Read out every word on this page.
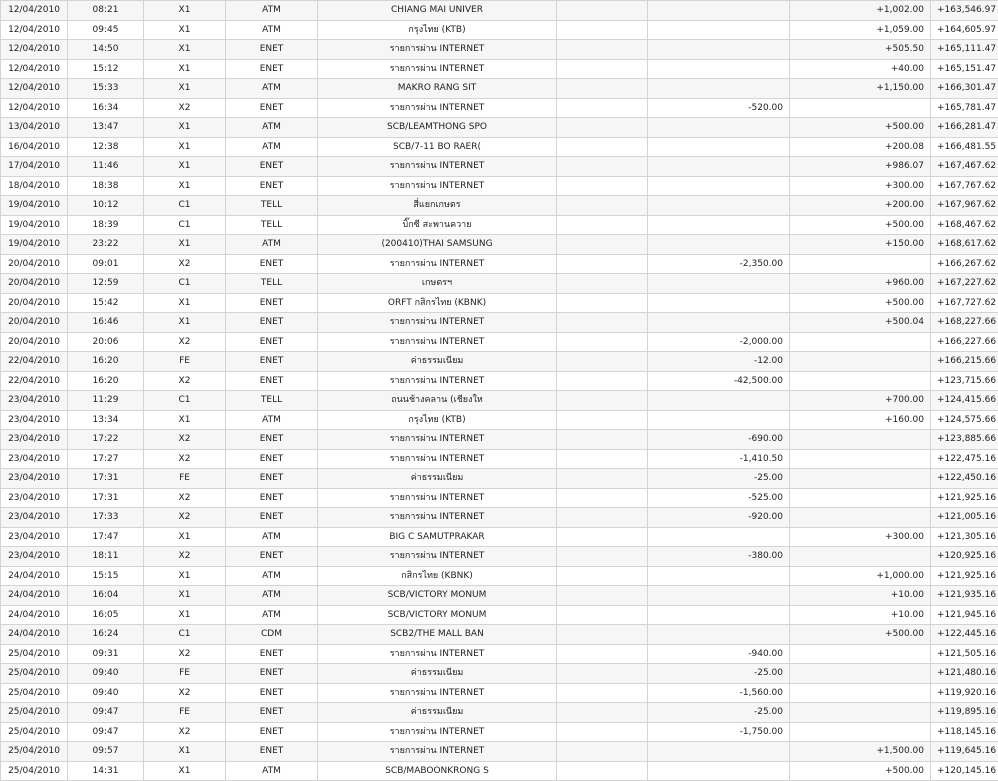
12/04/2010	08:21	X1	ATM	CHIANG MAI UNIVER			+1,002.00	+163,546.97
12/04/2010	09:45	X1	ATM	กรุงไทย (KTB)			+1,059.00	+164,605.97
12/04/2010	14:50	X1	ENET	รายการผ่าน INTERNET			+505.50	+165,111.47
12/04/2010	15:12	X1	ENET	รายการผ่าน INTERNET			+40.00	+165,151.47
12/04/2010	15:33	X1	ATM	MAKRO RANG SIT			+1,150.00	+166,301.47
12/04/2010	16:34	X2	ENET	รายการผ่าน INTERNET		-520.00		+165,781.47
13/04/2010	13:47	X1	ATM	SCB/LEAMTHONG SPO			+500.00	+166,281.47
16/04/2010	12:38	X1	ATM	SCB/7-11 BO RAER(			+200.08	+166,481.55
17/04/2010	11:46	X1	ENET	รายการผ่าน INTERNET			+986.07	+167,467.62
18/04/2010	18:38	X1	ENET	รายการผ่าน INTERNET			+300.00	+167,767.62
19/04/2010	10:12	C1	TELL	สี่แยกเกษตร			+200.00	+167,967.62
19/04/2010	18:39	C1	TELL	บิ๊กซี สะพานควาย			+500.00	+168,467.62
19/04/2010	23:22	X1	ATM	(200410)THAI SAMSUNG			+150.00	+168,617.62
20/04/2010	09:01	X2	ENET	รายการผ่าน INTERNET		-2,350.00		+166,267.62
20/04/2010	12:59	C1	TELL	เกษตรฯ			+960.00	+167,227.62
20/04/2010	15:42	X1	ENET	ORFT กสิกรไทย (KBNK)			+500.00	+167,727.62
20/04/2010	16:46	X1	ENET	รายการผ่าน INTERNET			+500.04	+168,227.66
20/04/2010	20:06	X2	ENET	รายการผ่าน INTERNET		-2,000.00		+166,227.66
22/04/2010	16:20	FE	ENET	ค่าธรรมเนียม		-12.00		+166,215.66
22/04/2010	16:20	X2	ENET	รายการผ่าน INTERNET		-42,500.00		+123,715.66
23/04/2010	11:29	C1	TELL	ถนนช้างคลาน (เชียงให			+700.00	+124,415.66
23/04/2010	13:34	X1	ATM	กรุงไทย (KTB)			+160.00	+124,575.66
23/04/2010	17:22	X2	ENET	รายการผ่าน INTERNET		-690.00		+123,885.66
23/04/2010	17:27	X2	ENET	รายการผ่าน INTERNET		-1,410.50		+122,475.16
23/04/2010	17:31	FE	ENET	ค่าธรรมเนียม		-25.00		+122,450.16
23/04/2010	17:31	X2	ENET	รายการผ่าน INTERNET		-525.00		+121,925.16
23/04/2010	17:33	X2	ENET	รายการผ่าน INTERNET		-920.00		+121,005.16
23/04/2010	17:47	X1	ATM	BIG C SAMUTPRAKAR			+300.00	+121,305.16
23/04/2010	18:11	X2	ENET	รายการผ่าน INTERNET		-380.00		+120,925.16
24/04/2010	15:15	X1	ATM	กสิกรไทย (KBNK)			+1,000.00	+121,925.16
24/04/2010	16:04	X1	ATM	SCB/VICTORY MONUM			+10.00	+121,935.16
24/04/2010	16:05	X1	ATM	SCB/VICTORY MONUM			+10.00	+121,945.16
24/04/2010	16:24	C1	CDM	SCB2/THE MALL BAN			+500.00	+122,445.16
25/04/2010	09:31	X2	ENET	รายการผ่าน INTERNET		-940.00		+121,505.16
25/04/2010	09:40	FE	ENET	ค่าธรรมเนียม		-25.00		+121,480.16
25/04/2010	09:40	X2	ENET	รายการผ่าน INTERNET		-1,560.00		+119,920.16
25/04/2010	09:47	FE	ENET	ค่าธรรมเนียม		-25.00		+119,895.16
25/04/2010	09:47	X2	ENET	รายการผ่าน INTERNET		-1,750.00		+118,145.16
25/04/2010	09:57	X1	ENET	รายการผ่าน INTERNET			+1,500.00	+119,645.16
25/04/2010	14:31	X1	ATM	SCB/MABOONKRONG S			+500.00	+120,145.16
